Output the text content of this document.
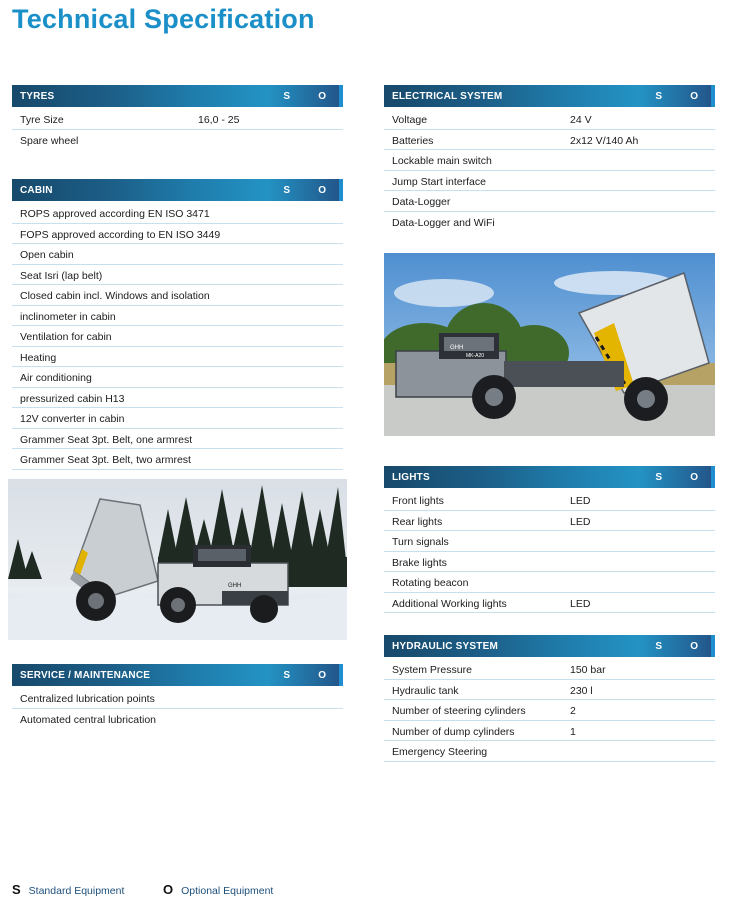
Technical Specification
TYRES	S	O
Tyre Size	16,0 - 25
Spare wheel
CABIN	S	O
ROPS approved according EN ISO 3471
FOPS approved according to EN ISO 3449
Open cabin
Seat Isri (lap belt)
Closed cabin incl. Windows and isolation
inclinometer in cabin
Ventilation for cabin
Heating
Air conditioning
pressurized cabin H13
12V converter in cabin
Grammer Seat 3pt. Belt, one armrest
Grammer Seat 3pt. Belt, two armrest
GHH
SERVICE / MAINTENANCE	S	O
Centralized lubrication points
Automated central lubrication
ELECTRICAL SYSTEM	S	O
Voltage	24 V
Batteries	2x12 V/140 Ah
Lockable main switch
Jump Start interface
Data-Logger
Data-Logger and WiFi
GHH
MK-A20
LIGHTS	S	O
Front lights	LED
Rear lights	LED
Turn signals
Brake lights
Rotating beacon
Additional Working lights	LED
HYDRAULIC SYSTEM	S	O
System Pressure	150 bar
Hydraulic tank	230 l
Number of steering cylinders	2
Number of dump cylinders	1
Emergency Steering
S Standard Equipment	O Optional Equipment
